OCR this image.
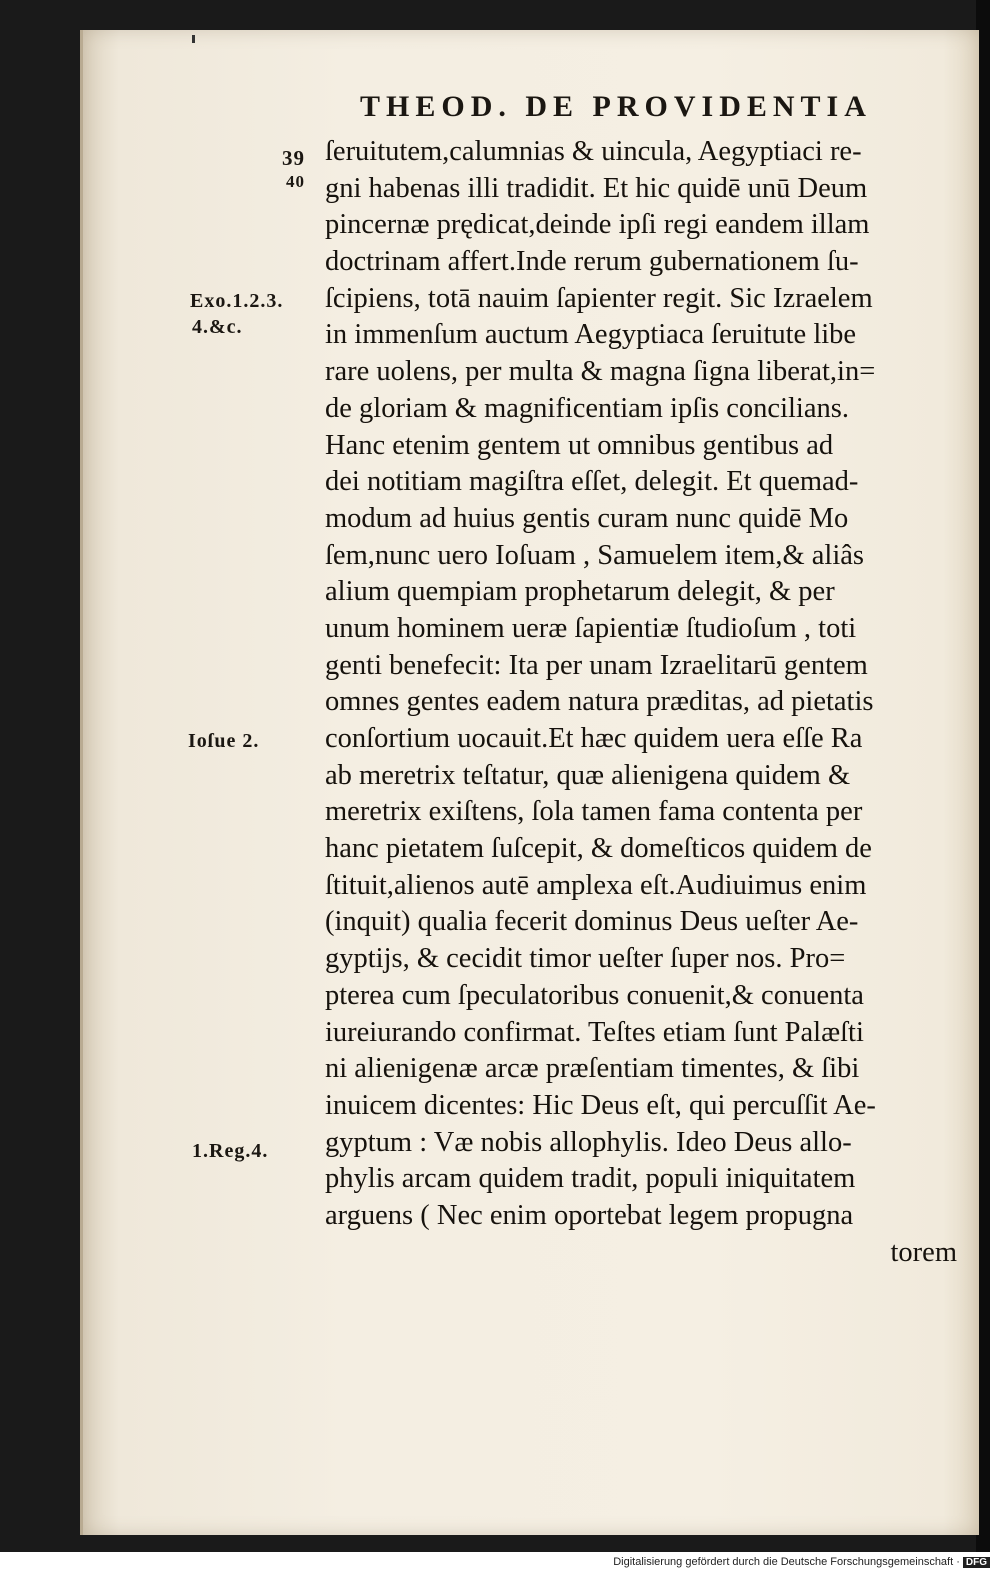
THEOD. DE PROVIDENTIA
39
40
Exo.1.2.3.
4.&c.
Ioſue 2.
1.Reg.4.
ſeruitutem,calumnias & uincula, Aegyptiaci re-
gni habenas illi tradidit. Et hic quidē unū Deum
pincernæ prędicat,deinde ipſi regi eandem illam
doctrinam affert.Inde rerum gubernationem ſu-
ſcipiens, totā nauim ſapienter regit. Sic Izraelem
in immenſum auctum Aegyptiaca ſeruitute libe
rare uolens, per multa & magna ſigna liberat,in=
de gloriam & magnificentiam ipſis concilians.
Hanc etenim gentem ut omnibus gentibus ad
dei notitiam magiſtra eſſet, delegit. Et quemad-
modum ad huius gentis curam nunc quidē Mo
ſem,nunc uero Ioſuam , Samuelem item,& aliâs
alium quempiam prophetarum delegit, & per
unum hominem ueræ ſapientiæ ſtudioſum , toti
genti benefecit: Ita per unam Izraelitarū gentem
omnes gentes eadem natura præditas, ad pietatis
conſortium uocauit.Et hæc quidem uera eſſe Ra
ab meretrix teſtatur, quæ alienigena quidem &
meretrix exiſtens, ſola tamen fama contenta per
hanc pietatem ſuſcepit, & domeſticos quidem de
ſtituit,alienos autē amplexa eſt.Audiuimus enim
(inquit) qualia fecerit dominus Deus ueſter Ae-
gyptijs, & cecidit timor ueſter ſuper nos. Pro=
pterea cum ſpeculatoribus conuenit,& conuenta
iureiurando confirmat. Teſtes etiam ſunt Palæſti
ni alienigenæ arcæ præſentiam timentes, & ſibi
inuicem dicentes: Hic Deus eſt, qui percuſſit Ae-
gyptum : Væ nobis allophylis. Ideo Deus allo-
phylis arcam quidem tradit, populi iniquitatem
arguens ( Nec enim oportebat legem propugna
torem
Digitalisierung gefördert durch die Deutsche Forschungsgemeinschaft · DFG
